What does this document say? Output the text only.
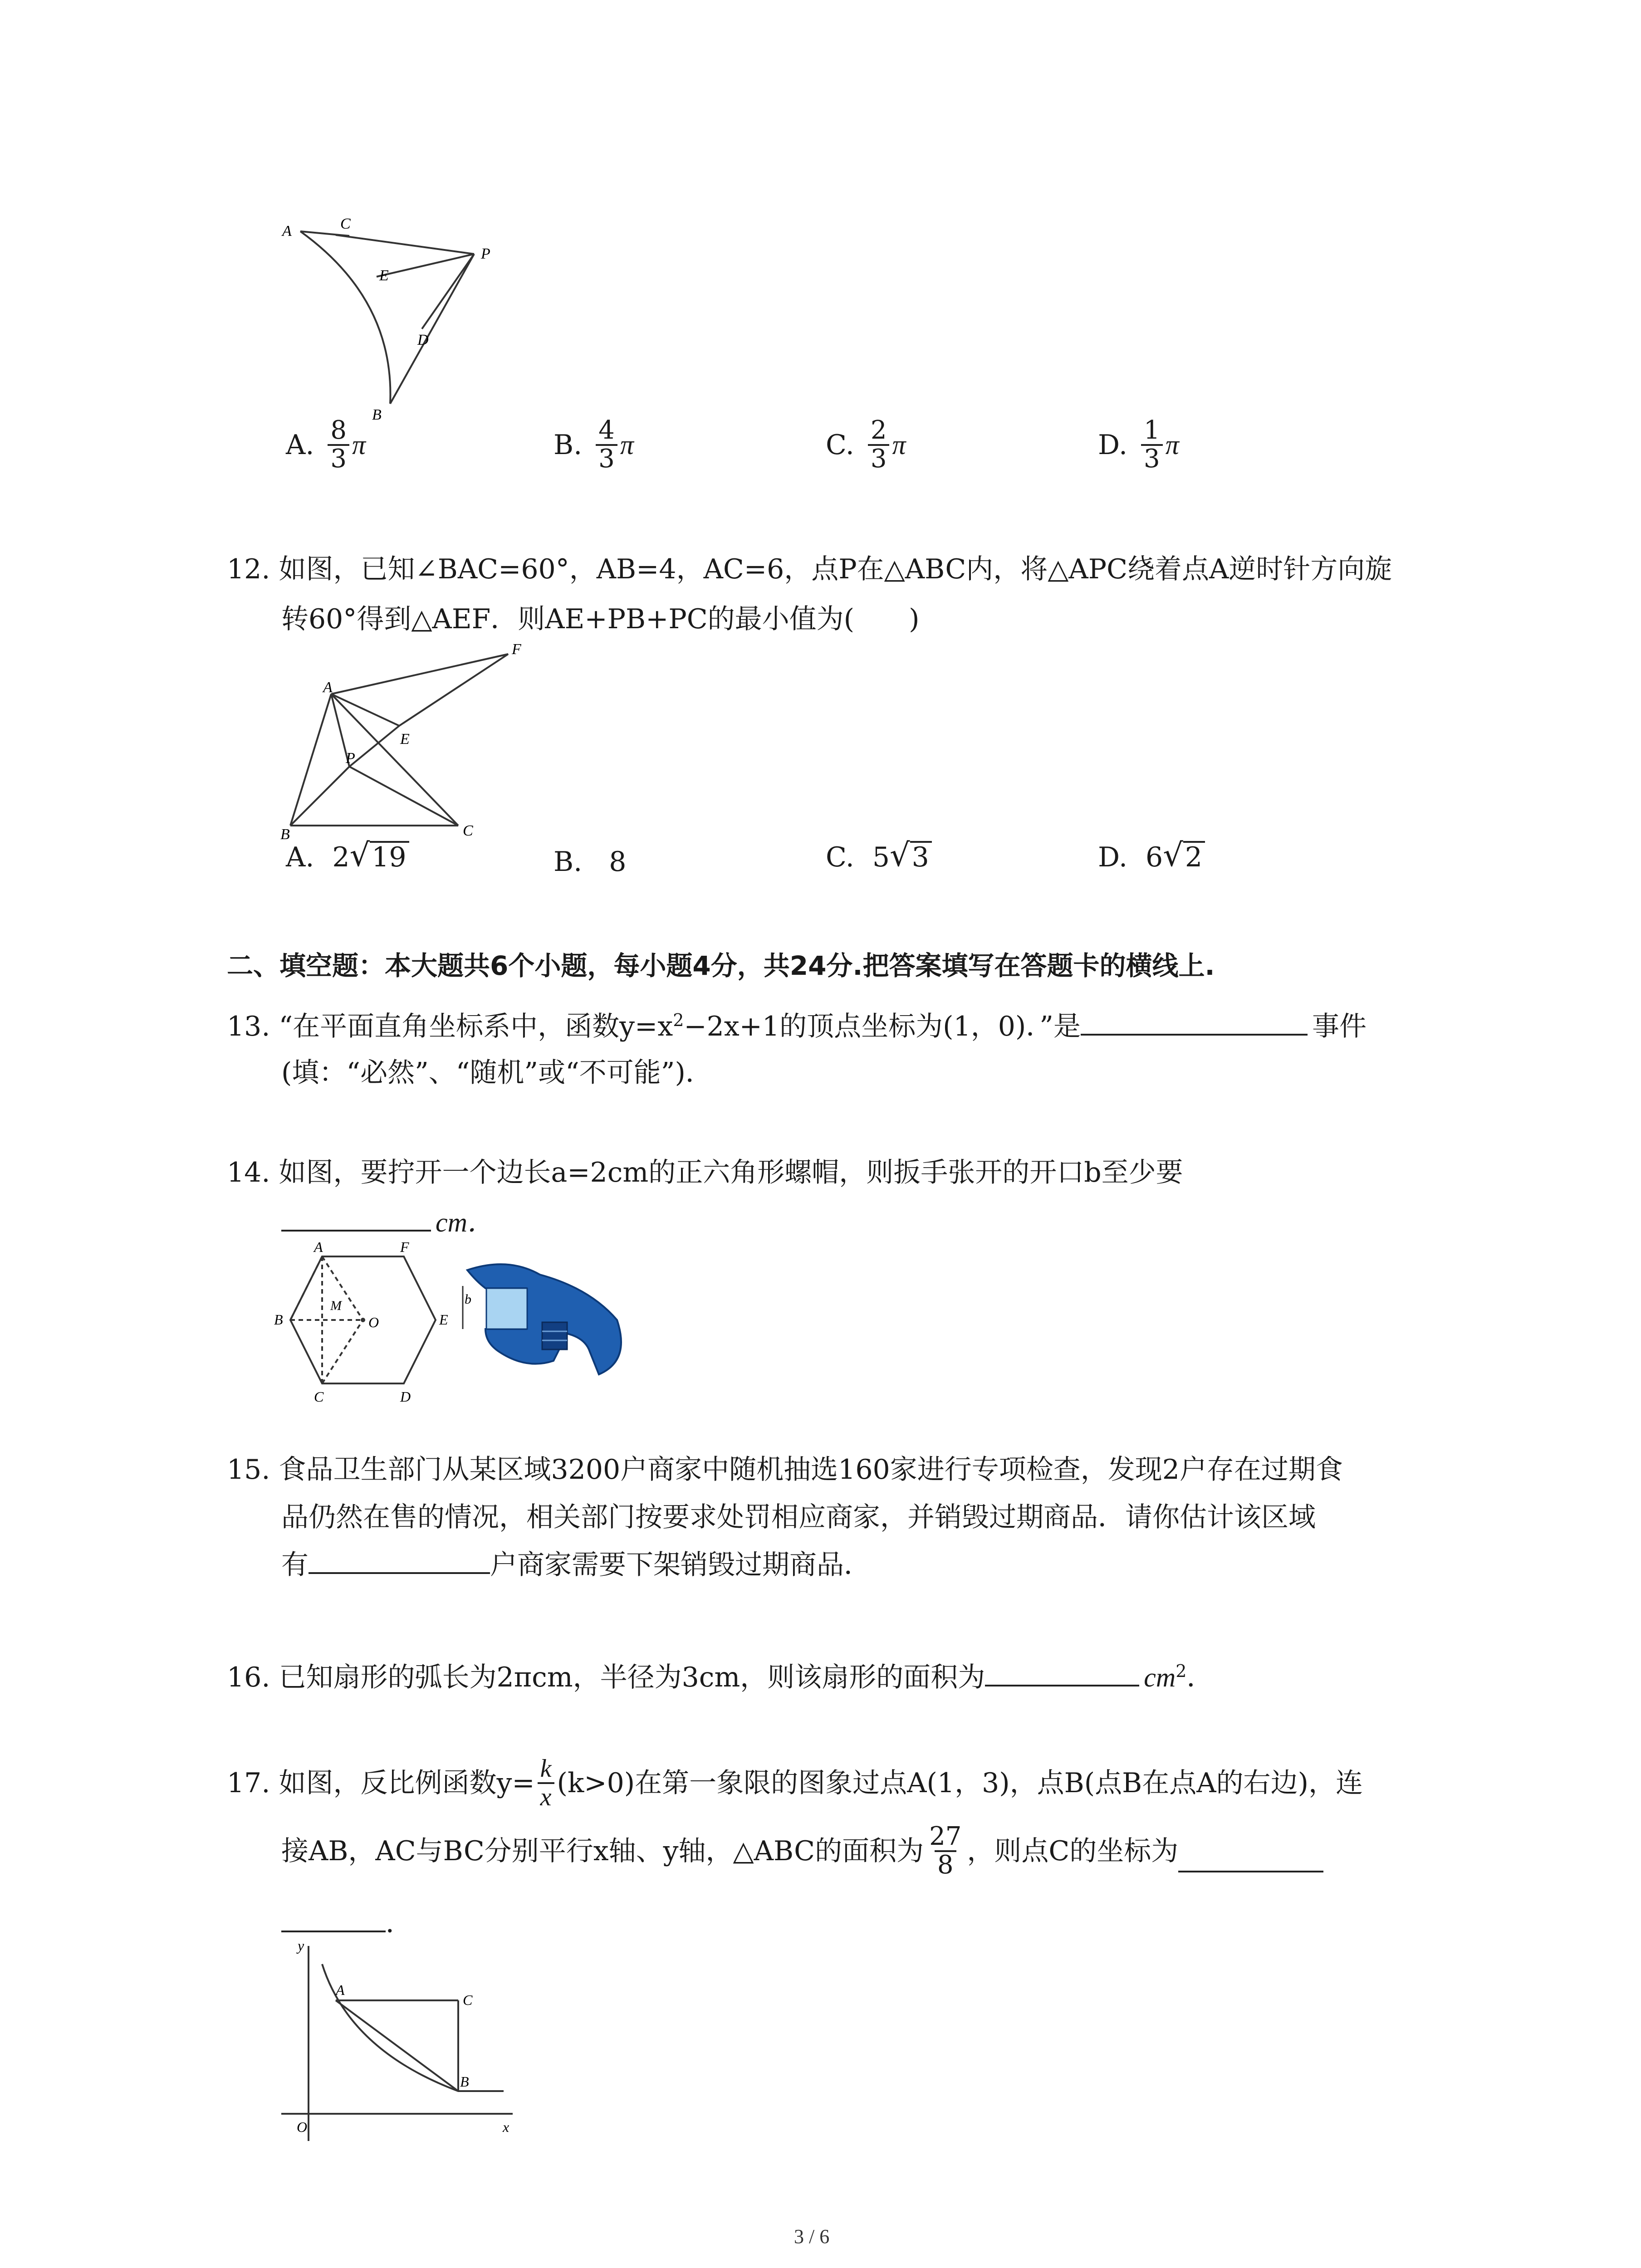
A	C
P
E
D
B
A. $\frac{8}{3}$ π	B. $\frac{4}{3}$ π	C. $\frac{2}{3}$ π	D. $\frac{1}{3}$ π
12. 如图，已知∠BAC=60°，AB=4，AC=6，点P在△ABC内，将△APC绕着点A逆时针方向旋
转60°得到△AEF．则AE+PB+PC的最小值为(　　)
A
F
E
P
B	C
A. 2 √ 19	B. 8	C. 5 √ 3	D. 6 √ 2
二、填空题：本大题共6个小题，每小题4分，共24分.把答案填写在答题卡的横线上.
13. “在平面直角坐标系中，函数$y=x^2-2x+1$的顶点坐标为(1，0)．”是	事件
(填：“必然”、“随机”或“不可能”)．
14. 如图，要拧开一个边长a=2cm的正六角形螺帽，则扳手张开的开口b至少要
cm．
A	F
B
M
O	E
C	D
b
15. 食品卫生部门从某区域3200户商家中随机抽选160家进行专项检查，发现2户存在过期食
品仍然在售的情况，相关部门按要求处罚相应商家，并销毁过期商品．请你估计该区域
有	户商家需要下架销毁过期商品．
16. 已知扇形的弧长为2πcm，半径为3cm，则该扇形的面积为	$cm^2$．
17. 如图，反比例函数$y= \frac{k}{x} (k>0)$在第一象限的图象过点A(1，3)，点B(点B在点A的右边)，连
接AB，AC与BC分别平行x轴、y轴，△ABC的面积为 $\frac{27}{8}$ ，则点C的坐标为
．
y
A
C
B
O	x
3 / 6
